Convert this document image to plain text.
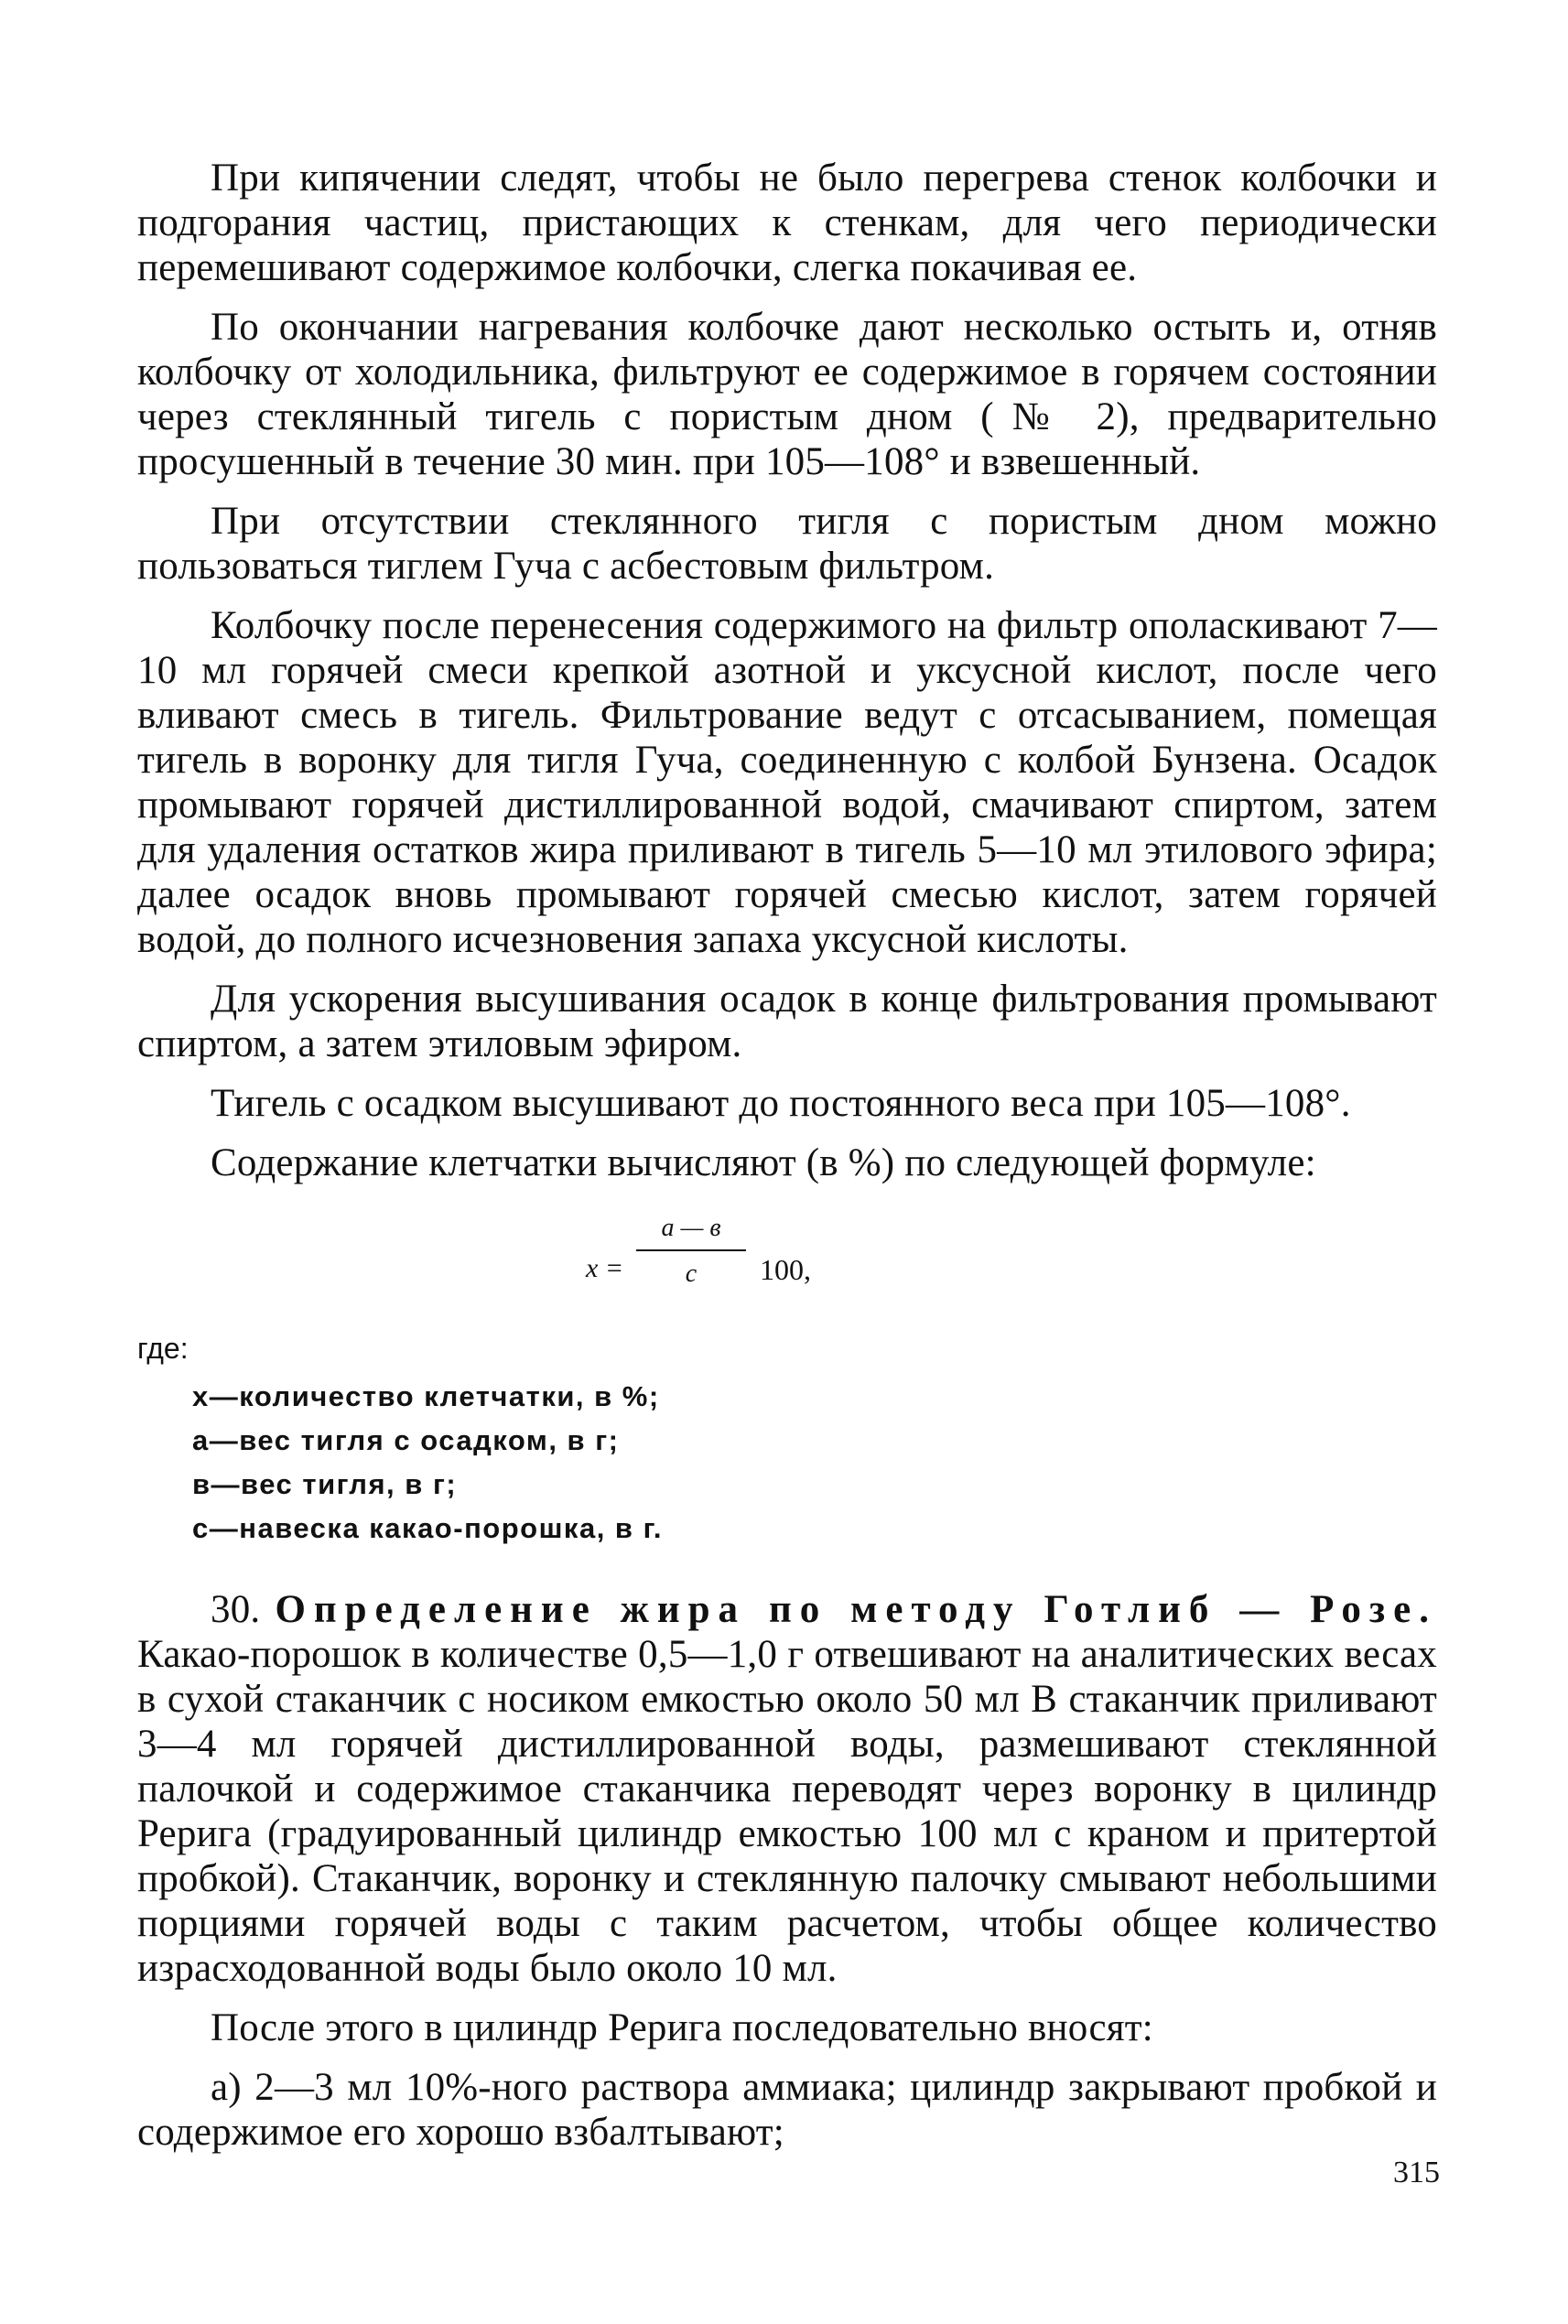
При кипячении следят, чтобы не было перегрева стенок колбочки и подгорания частиц, пристающих к стенкам, для чего периодически перемешивают содержимое колбочки, слегка покачивая ее.

По окончании нагревания колбочке дают несколько остыть и, отняв колбочку от холодильника, фильтруют ее содержимое в горячем состоянии через стеклянный тигель с пористым дном (№ 2), предварительно просушенный в течение 30 мин. при 105—108° и взвешенный.

При отсутствии стеклянного тигля с пористым дном можно пользоваться тиглем Гуча с асбестовым фильтром.

Колбочку после перенесения содержимого на фильтр ополаскивают 7—10 мл горячей смеси крепкой азотной и уксусной кислот, после чего вливают смесь в тигель. Фильтрование ведут с отсасыванием, помещая тигель в воронку для тигля Гуча, соединенную с колбой Бунзена. Осадок промывают горячей дистиллированной водой, смачивают спиртом, затем для удаления остатков жира приливают в тигель 5—10 мл этилового эфира; далее осадок вновь промывают горячей смесью кислот, затем горячей водой, до полного исчезновения запаха уксусной кислоты.

Для ускорения высушивания осадок в конце фильтрования промывают спиртом, а затем этиловым эфиром.

Тигель с осадком высушивают до постоянного веса при 105—108°.

Содержание клетчатки вычисляют (в %) по следующей формуле:

x =
a — в
c	100,
где:
x—количество клетчатки, в %;
a—вес тигля с осадком, в г;
в—вес тигля, в г;
c—навеска какао-порошка, в г.

30. Определение жира по методу Готлиб — Розе. Какао-порошок в количестве 0,5—1,0 г отвешивают на аналитических весах в сухой стаканчик с носиком емкостью около 50 мл В стаканчик приливают 3—4 мл горячей дистиллированной воды, размешивают стеклянной палочкой и содержимое стаканчика переводят через воронку в цилиндр Рерига (градуированный цилиндр емкостью 100 мл с краном и притертой пробкой). Стаканчик, воронку и стеклянную палочку смывают небольшими порциями горячей воды с таким расчетом, чтобы общее количество израсходованной воды было около 10 мл.

После этого в цилиндр Рерига последовательно вносят:

а) 2—3 мл 10%-ного раствора аммиака; цилиндр закрывают пробкой и содержимое его хорошо взбалтывают;

315
